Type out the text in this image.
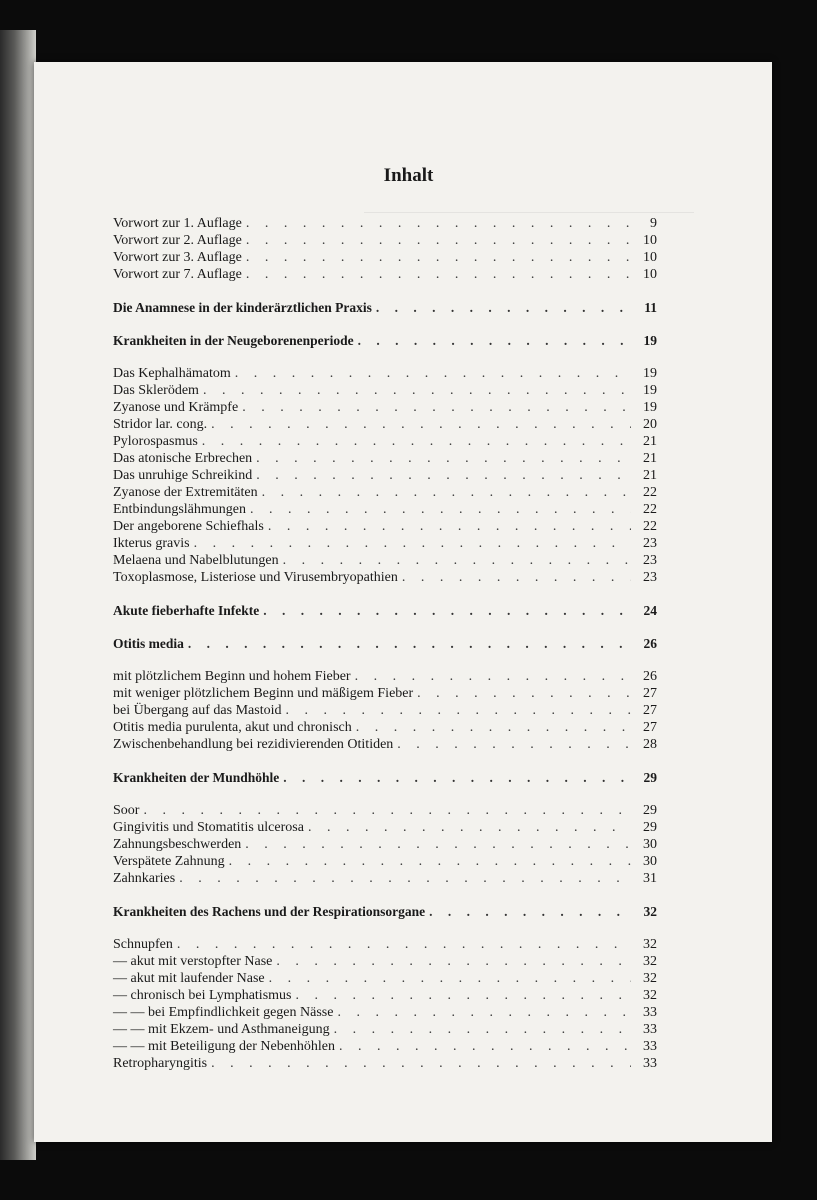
Inhalt
Vorwort zur 1. Auflage . . .	9
Vorwort zur 2. Auflage . . .	10
Vorwort zur 3. Auflage . . .	10
Vorwort zur 7. Auflage . . .	10
Die Anamnese in der kinderärztlichen Praxis . . .	11
Krankheiten in der Neugeborenenperiode . . .	19
Das Kephalhämatom . . .	19
Das Sklerödem . . .	19
Zyanose und Krämpfe . . .	19
Stridor lar. cong. . . .	20
Pylorospasmus . . .	21
Das atonische Erbrechen . . .	21
Das unruhige Schreikind . . .	21
Zyanose der Extremitäten . . .	22
Entbindungslähmungen . . .	22
Der angeborene Schiefhals . . .	22
Ikterus gravis . . .	23
Melaena und Nabelblutungen . . .	23
Toxoplasmose, Listeriose und Virusembryopathien . . .	23
Akute fieberhafte Infekte . . .	24
Otitis media . . .	26
mit plötzlichem Beginn und hohem Fieber . . .	26
mit weniger plötzlichem Beginn und mäßigem Fieber . . .	27
bei Übergang auf das Mastoid . . .	27
Otitis media purulenta, akut und chronisch . . .	27
Zwischenbehandlung bei rezidivierenden Otitiden . . .	28
Krankheiten der Mundhöhle . . .	29
Soor . . .	29
Gingivitis und Stomatitis ulcerosa . . .	29
Zahnungsbeschwerden . . .	30
Verspätete Zahnung . . .	30
Zahnkaries . . .	31
Krankheiten des Rachens und der Respirationsorgane . . .	32
Schnupfen . . .	32
— akut mit verstopfter Nase . . .	32
— akut mit laufender Nase . . .	32
— chronisch bei Lymphatismus . . .	32
— — bei Empfindlichkeit gegen Nässe . . .	33
— — mit Ekzem- und Asthmaneigung . . .	33
— — mit Beteiligung der Nebenhöhlen . . .	33
Retropharyngitis . . .	33
